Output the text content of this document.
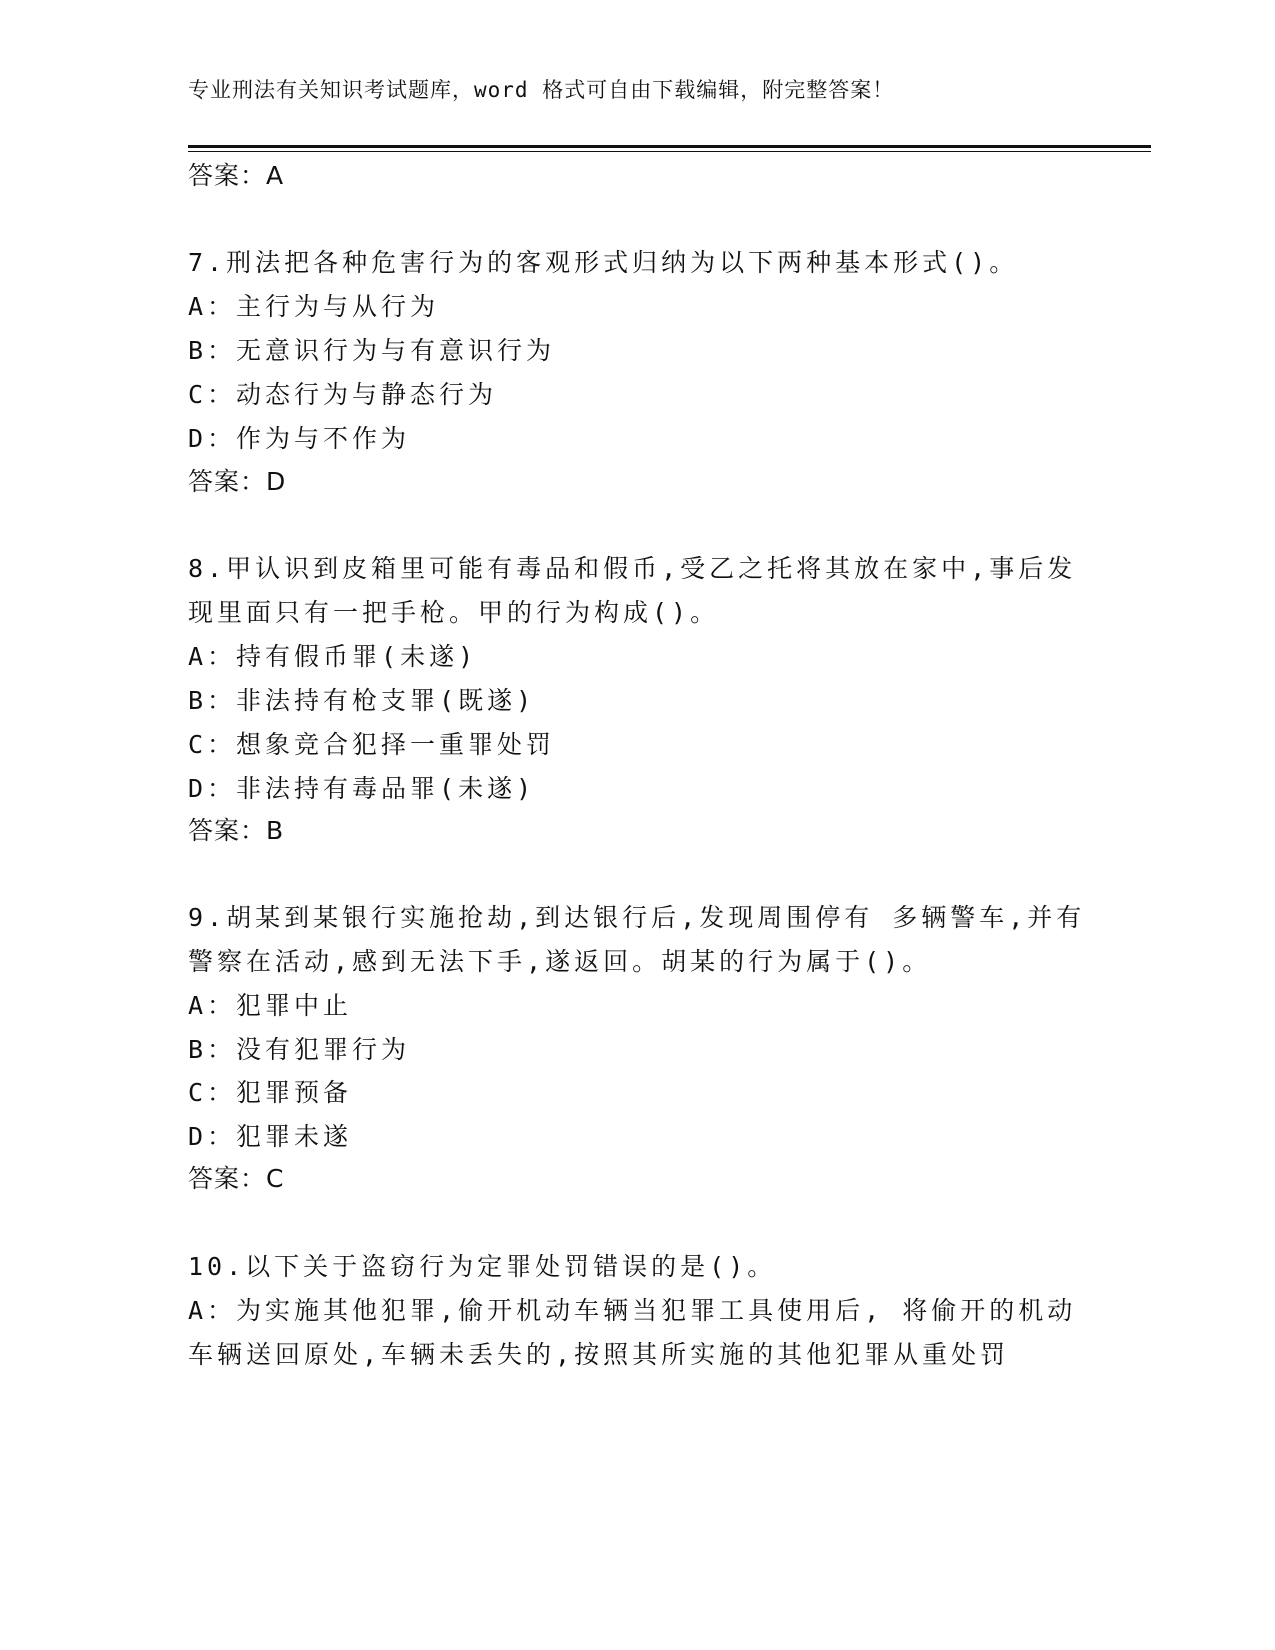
专业刑法有关知识考试题库，word 格式可自由下载编辑，附完整答案！
答案：A
7.刑法把各种危害行为的客观形式归纳为以下两种基本形式()。
A：主行为与从行为
B：无意识行为与有意识行为
C：动态行为与静态行为
D：作为与不作为
答案：D
8.甲认识到皮箱里可能有毒品和假币,受乙之托将其放在家中,事后发
现里面只有一把手枪。甲的行为构成()。
A：持有假币罪(未遂)
B：非法持有枪支罪(既遂)
C：想象竞合犯择一重罪处罚
D：非法持有毒品罪(未遂)
答案：B
9.胡某到某银行实施抢劫,到达银行后,发现周围停有 多辆警车,并有
警察在活动,感到无法下手,遂返回。胡某的行为属于()。
A：犯罪中止
B：没有犯罪行为
C：犯罪预备
D：犯罪未遂
答案：C
10.以下关于盗窃行为定罪处罚错误的是()。
A：为实施其他犯罪,偷开机动车辆当犯罪工具使用后, 将偷开的机动
车辆送回原处,车辆未丢失的,按照其所实施的其他犯罪从重处罚
